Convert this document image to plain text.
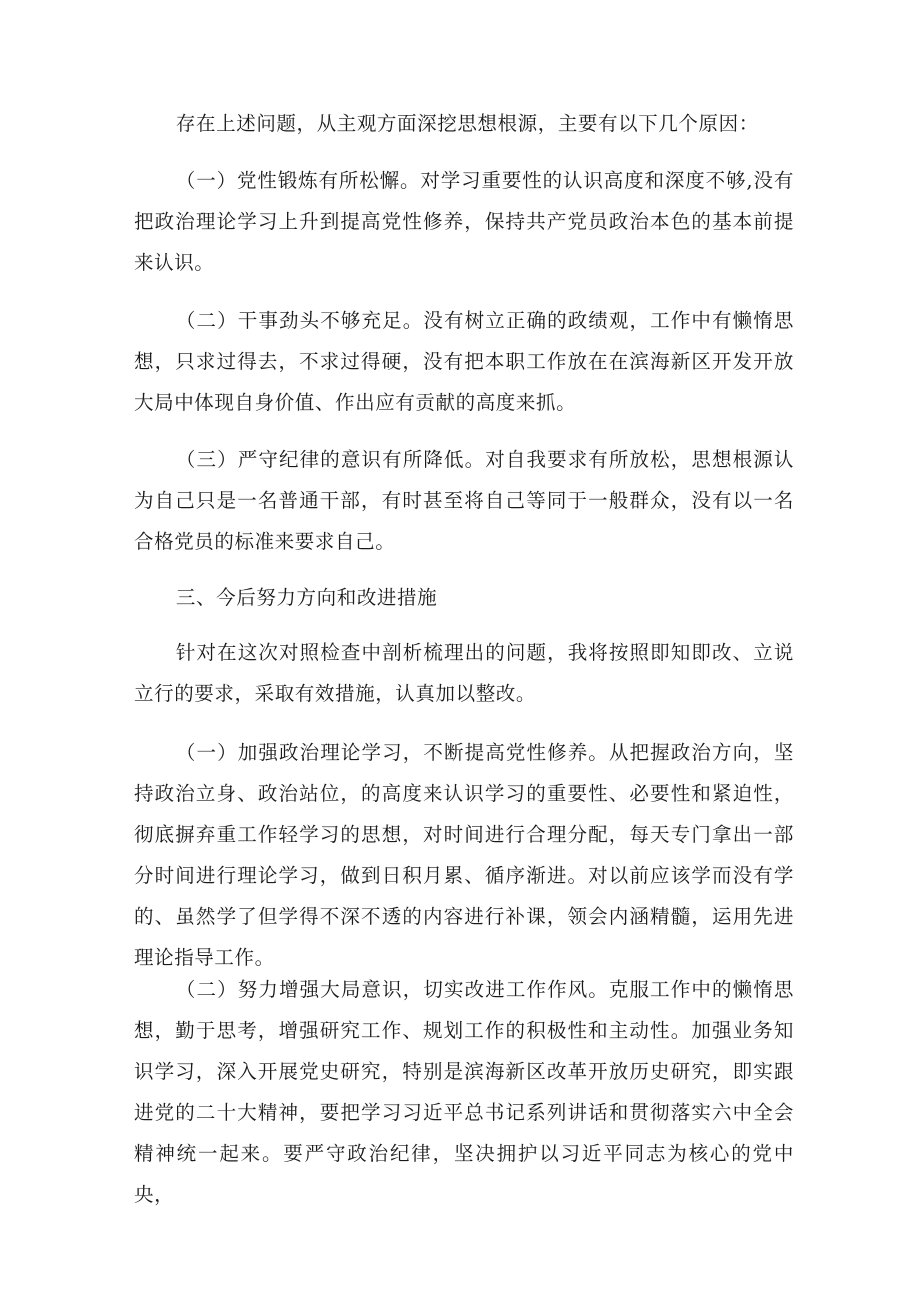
存在上述问题，从主观方面深挖思想根源，主要有以下几个原因：

（一）党性锻炼有所松懈。对学习重要性的认识高度和深度不够,没有把政治理论学习上升到提高党性修养，保持共产党员政治本色的基本前提来认识。

（二）干事劲头不够充足。没有树立正确的政绩观，工作中有懒惰思想，只求过得去，不求过得硬，没有把本职工作放在在滨海新区开发开放大局中体现自身价值、作出应有贡献的高度来抓。

（三）严守纪律的意识有所降低。对自我要求有所放松，思想根源认为自己只是一名普通干部，有时甚至将自己等同于一般群众，没有以一名合格党员的标准来要求自己。

三、今后努力方向和改进措施

针对在这次对照检查中剖析梳理出的问题，我将按照即知即改、立说立行的要求，采取有效措施，认真加以整改。

（一）加强政治理论学习，不断提高党性修养。从把握政治方向，坚持政治立身、政治站位，的高度来认识学习的重要性、必要性和紧迫性，彻底摒弃重工作轻学习的思想，对时间进行合理分配，每天专门拿出一部分时间进行理论学习，做到日积月累、循序渐进。对以前应该学而没有学的、虽然学了但学得不深不透的内容进行补课，领会内涵精髓，运用先进理论指导工作。

（二）努力增强大局意识，切实改进工作作风。克服工作中的懒惰思想，勤于思考，增强研究工作、规划工作的积极性和主动性。加强业务知识学习，深入开展党史研究，特别是滨海新区改革开放历史研究，即实跟进党的二十大精神，要把学习习近平总书记系列讲话和贯彻落实六中全会精神统一起来。要严守政治纪律，坚决拥护以习近平同志为核心的党中央，
